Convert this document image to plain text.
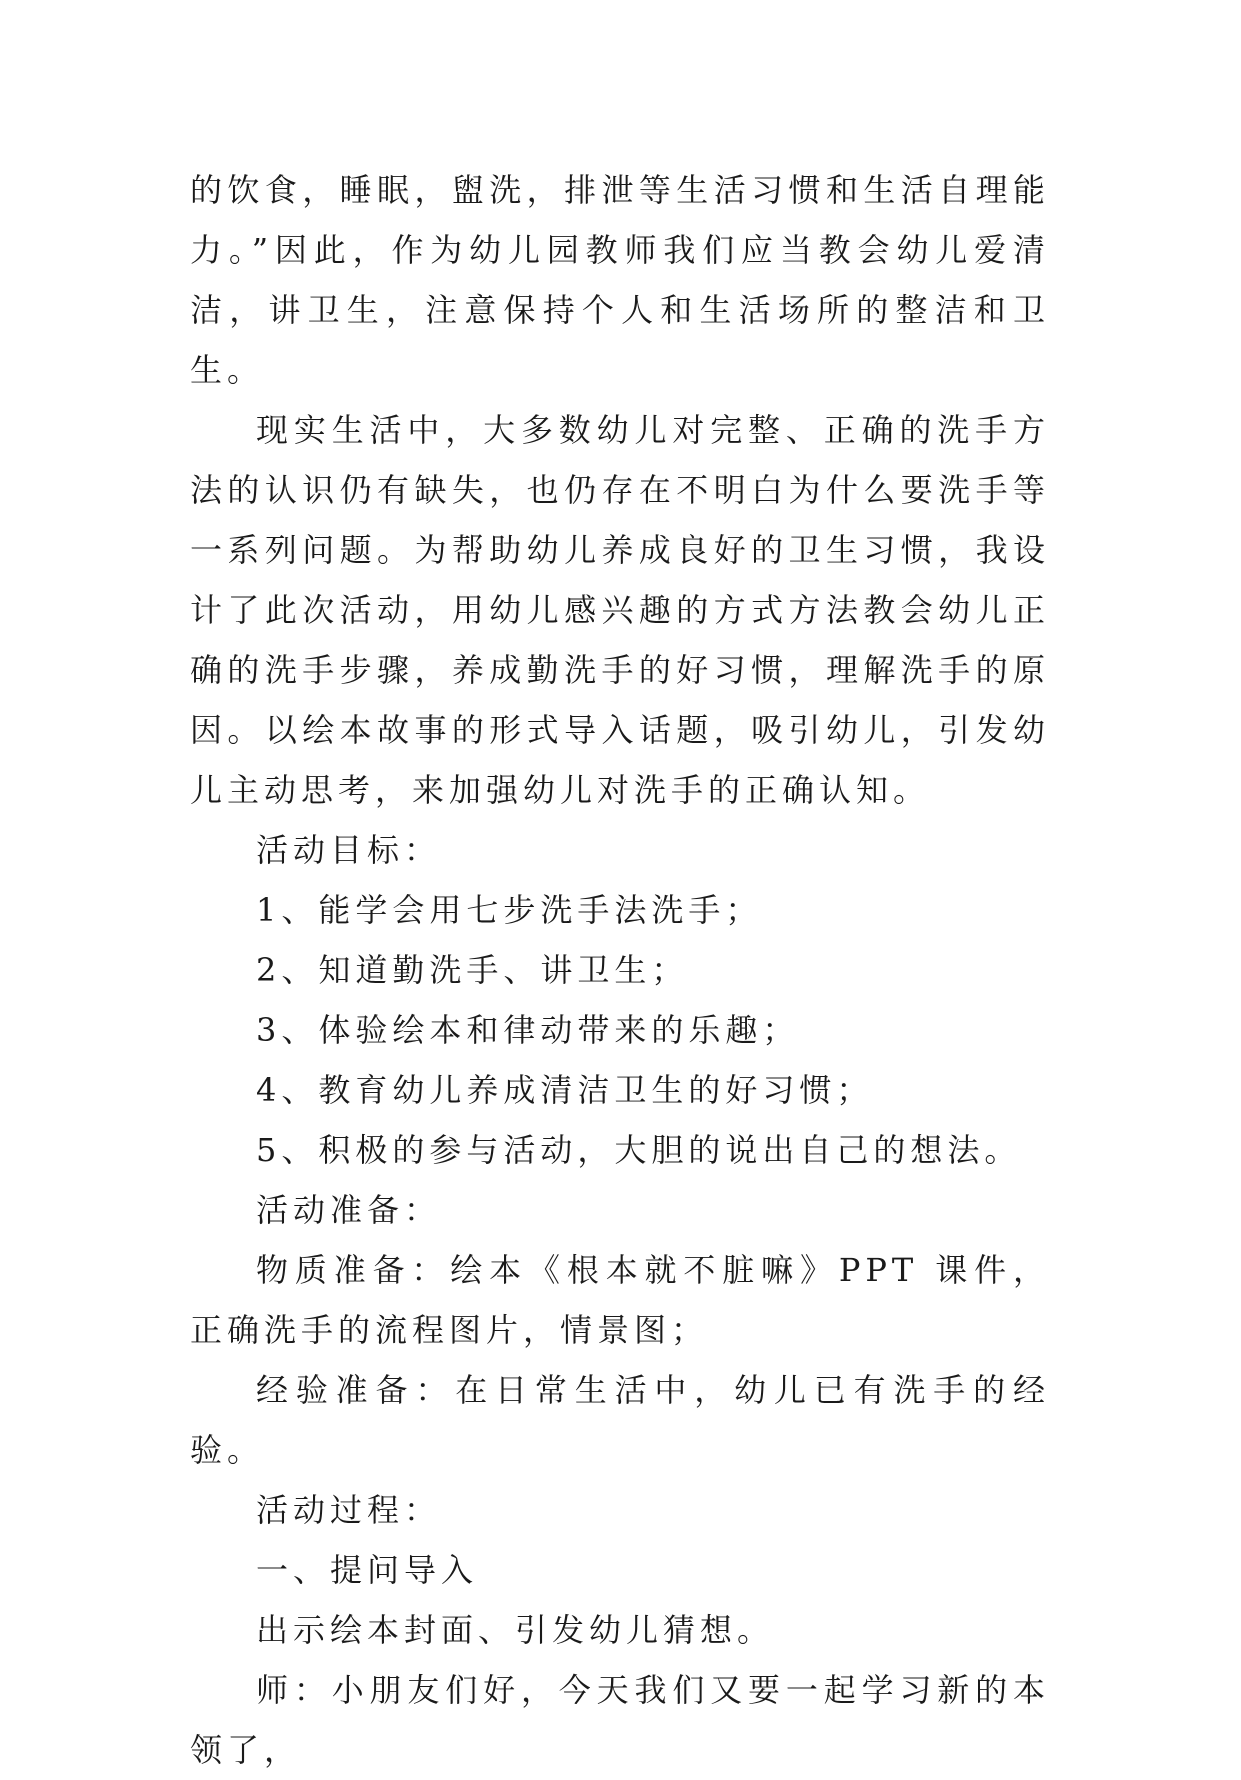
的饮食，睡眠，盥洗，排泄等生活习惯和生活自理能力。”因此，作为幼儿园教师我们应当教会幼儿爱清洁，讲卫生，注意保持个人和生活场所的整洁和卫生。

现实生活中，大多数幼儿对完整、正确的洗手方法的认识仍有缺失，也仍存在不明白为什么要洗手等一系列问题。为帮助幼儿养成良好的卫生习惯，我设计了此次活动，用幼儿感兴趣的方式方法教会幼儿正确的洗手步骤，养成勤洗手的好习惯，理解洗手的原因。以绘本故事的形式导入话题，吸引幼儿，引发幼儿主动思考，来加强幼儿对洗手的正确认知。

活动目标：

1、能学会用七步洗手法洗手；

2、知道勤洗手、讲卫生；

3、体验绘本和律动带来的乐趣；

4、教育幼儿养成清洁卫生的好习惯；

5、积极的参与活动，大胆的说出自己的想法。

活动准备：

物质准备：绘本《根本就不脏嘛》PPT 课件，正确洗手的流程图片，情景图；

经验准备：在日常生活中，幼儿已有洗手的经验。

活动过程：

一、提问导入

出示绘本封面、引发幼儿猜想。

师：小朋友们好，今天我们又要一起学习新的本领了，
